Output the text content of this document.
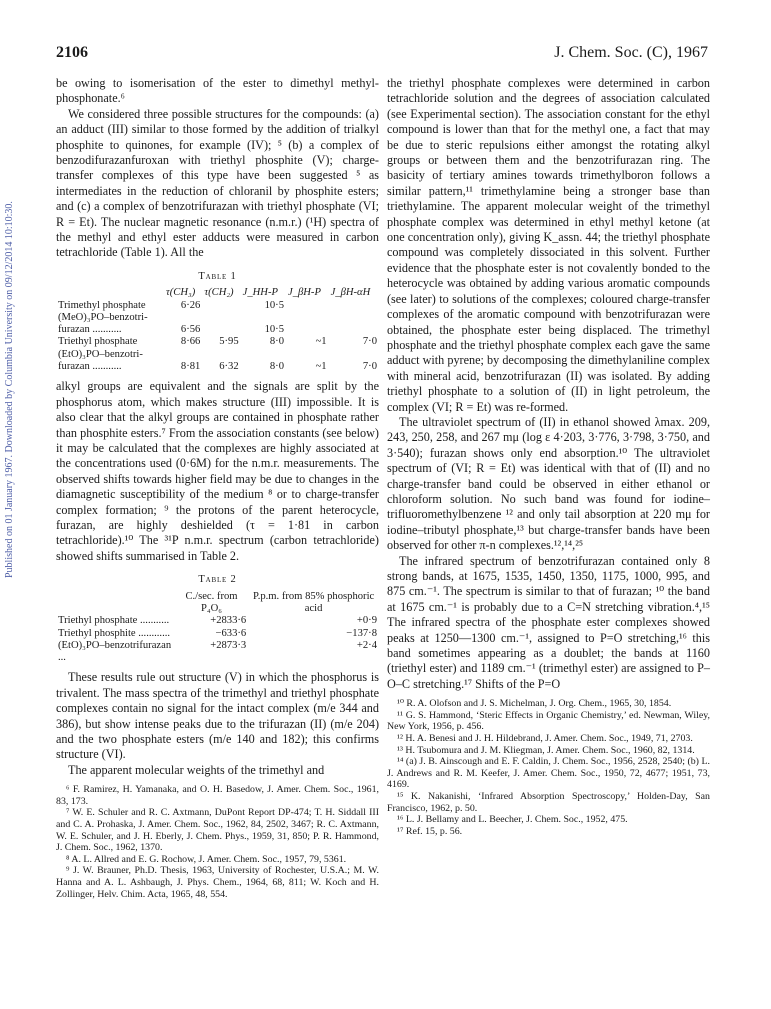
Published on 01 January 1967. Downloaded by Columbia University on 09/12/2014 10:10:30.
2106	J. Chem. Soc. (C), 1967

be owing to isomerisation of the ester to dimethyl methyl-phosphonate.⁶

We considered three possible structures for the compounds: (a) an adduct (III) similar to those formed by the addition of trialkyl phosphite to quinones, for example (IV); ⁵ (b) a complex of benzodifurazanfuroxan with triethyl phosphite (V); charge-transfer complexes of this type have been suggested ⁵ as intermediates in the reduction of chloranil by phosphite esters; and (c) a complex of benzotrifurazan with triethyl phosphate (VI; R = Et). The nuclear magnetic resonance (n.m.r.) (¹H) spectra of the methyl and ethyl ester adducts were measured in carbon tetrachloride (Table 1). All the

Table 1
	τ(CH₃)	τ(CH₂)	J_HH-P	J_βH-P	J_βH-αH
Trimethyl phosphate	6·26		10·5		
(MeO)₃PO–benzotri-					
furazan ...........	6·56		10·5		
Triethyl phosphate	8·66	5·95	8·0	~1	7·0
(EtO)₃PO–benzotri-					
furazan ...........	8·81	6·32	8·0	~1	7·0

alkyl groups are equivalent and the signals are split by the phosphorus atom, which makes structure (III) impossible. It is also clear that the alkyl groups are contained in phosphate rather than phosphite esters.⁷ From the association constants (see below) it may be calculated that the complexes are highly associated at the concentrations used (0·6M) for the n.m.r. measurements. The observed shifts towards higher field may be due to changes in the diamagnetic susceptibility of the medium ⁸ or to charge-transfer complex formation; ⁹ the protons of the parent heterocycle, furazan, are highly deshielded (τ = 1·81 in carbon tetrachloride).¹⁰ The ³¹P n.m.r. spectrum (carbon tetrachloride) showed shifts summarised in Table 2.

Table 2
	C./sec. from P₄O₆	P.p.m. from 85% phosphoric acid
Triethyl phosphate ...........	+2833·6	+0·9
Triethyl phosphite ............	−633·6	−137·8
(EtO)₃PO–benzotrifurazan ...	+2873·3	+2·4

These results rule out structure (V) in which the phosphorus is trivalent. The mass spectra of the trimethyl and triethyl phosphate complexes contain no signal for the intact complex (m/e 344 and 386), but show intense peaks due to the trifurazan (II) (m/e 204) and the two phosphate esters (m/e 140 and 182); this confirms structure (VI).

The apparent molecular weights of the trimethyl and

⁶ F. Ramirez, H. Yamanaka, and O. H. Basedow, J. Amer. Chem. Soc., 1961, 83, 173.

⁷ W. E. Schuler and R. C. Axtmann, DuPont Report DP-474; T. H. Siddall III and C. A. Prohaska, J. Amer. Chem. Soc., 1962, 84, 2502, 3467; R. C. Axtmann, W. E. Schuler, and J. H. Eberly, J. Chem. Phys., 1959, 31, 850; P. R. Hammond, J. Chem. Soc., 1962, 1370.

⁸ A. L. Allred and E. G. Rochow, J. Amer. Chem. Soc., 1957, 79, 5361.

⁹ J. W. Brauner, Ph.D. Thesis, 1963, University of Rochester, U.S.A.; M. W. Hanna and A. L. Ashbaugh, J. Phys. Chem., 1964, 68, 811; W. Koch and H. Zollinger, Helv. Chim. Acta, 1965, 48, 554.

the triethyl phosphate complexes were determined in carbon tetrachloride solution and the degrees of association calculated (see Experimental section). The association constant for the ethyl compound is lower than that for the methyl one, a fact that may be due to steric repulsions either amongst the rotating alkyl groups or between them and the benzotrifurazan ring. The basicity of tertiary amines towards trimethylboron follows a similar pattern,¹¹ trimethylamine being a stronger base than triethylamine. The apparent molecular weight of the trimethyl phosphate complex was determined in ethyl methyl ketone (at one concentration only), giving K_assn. 44; the triethyl phosphate compound was completely dissociated in this solvent. Further evidence that the phosphate ester is not covalently bonded to the heterocycle was obtained by adding various aromatic compounds (see later) to solutions of the complexes; coloured charge-transfer complexes of the aromatic compound with benzotrifurazan were obtained, the phosphate ester being displaced. The trimethyl phosphate and the triethyl phosphate complex each gave the same adduct with pyrene; by decomposing the dimethylaniline complex with mineral acid, benzotrifurazan (II) was isolated. By adding triethyl phosphate to a solution of (II) in light petroleum, the complex (VI; R = Et) was re-formed.

The ultraviolet spectrum of (II) in ethanol showed λmax. 209, 243, 250, 258, and 267 mμ (log ε 4·203, 3·776, 3·798, 3·750, and 3·540); furazan shows only end absorption.¹⁰ The ultraviolet spectrum of (VI; R = Et) was identical with that of (II) and no charge-transfer band could be observed in either ethanol or chloroform solution. No such band was found for iodine–trifluoromethylbenzene ¹² and only tail absorption at 220 mμ for iodine–tributyl phosphate,¹³ but charge-transfer bands have been observed for other π-n complexes.¹²,¹⁴,²⁵

The infrared spectrum of benzotrifurazan contained only 8 strong bands, at 1675, 1535, 1450, 1350, 1175, 1000, 995, and 875 cm.⁻¹. The spectrum is similar to that of furazan; ¹⁰ the band at 1675 cm.⁻¹ is probably due to a C=N stretching vibration.⁴,¹⁵ The infrared spectra of the phosphate ester complexes showed peaks at 1250—1300 cm.⁻¹, assigned to P=O stretching,¹⁶ this band sometimes appearing as a doublet; the bands at 1160 (triethyl ester) and 1189 cm.⁻¹ (trimethyl ester) are assigned to P–O–C stretching.¹⁷ Shifts of the P=O

¹⁰ R. A. Olofson and J. S. Michelman, J. Org. Chem., 1965, 30, 1854.

¹¹ G. S. Hammond, ‘Steric Effects in Organic Chemistry,’ ed. Newman, Wiley, New York, 1956, p. 456.

¹² H. A. Benesi and J. H. Hildebrand, J. Amer. Chem. Soc., 1949, 71, 2703.

¹³ H. Tsubomura and J. M. Kliegman, J. Amer. Chem. Soc., 1960, 82, 1314.

¹⁴ (a) J. B. Ainscough and E. F. Caldin, J. Chem. Soc., 1956, 2528, 2540; (b) L. J. Andrews and R. M. Keefer, J. Amer. Chem. Soc., 1950, 72, 4677; 1951, 73, 4169.

¹⁵ K. Nakanishi, ‘Infrared Absorption Spectroscopy,’ Holden-Day, San Francisco, 1962, p. 50.

¹⁶ L. J. Bellamy and L. Beecher, J. Chem. Soc., 1952, 475.

¹⁷ Ref. 15, p. 56.
